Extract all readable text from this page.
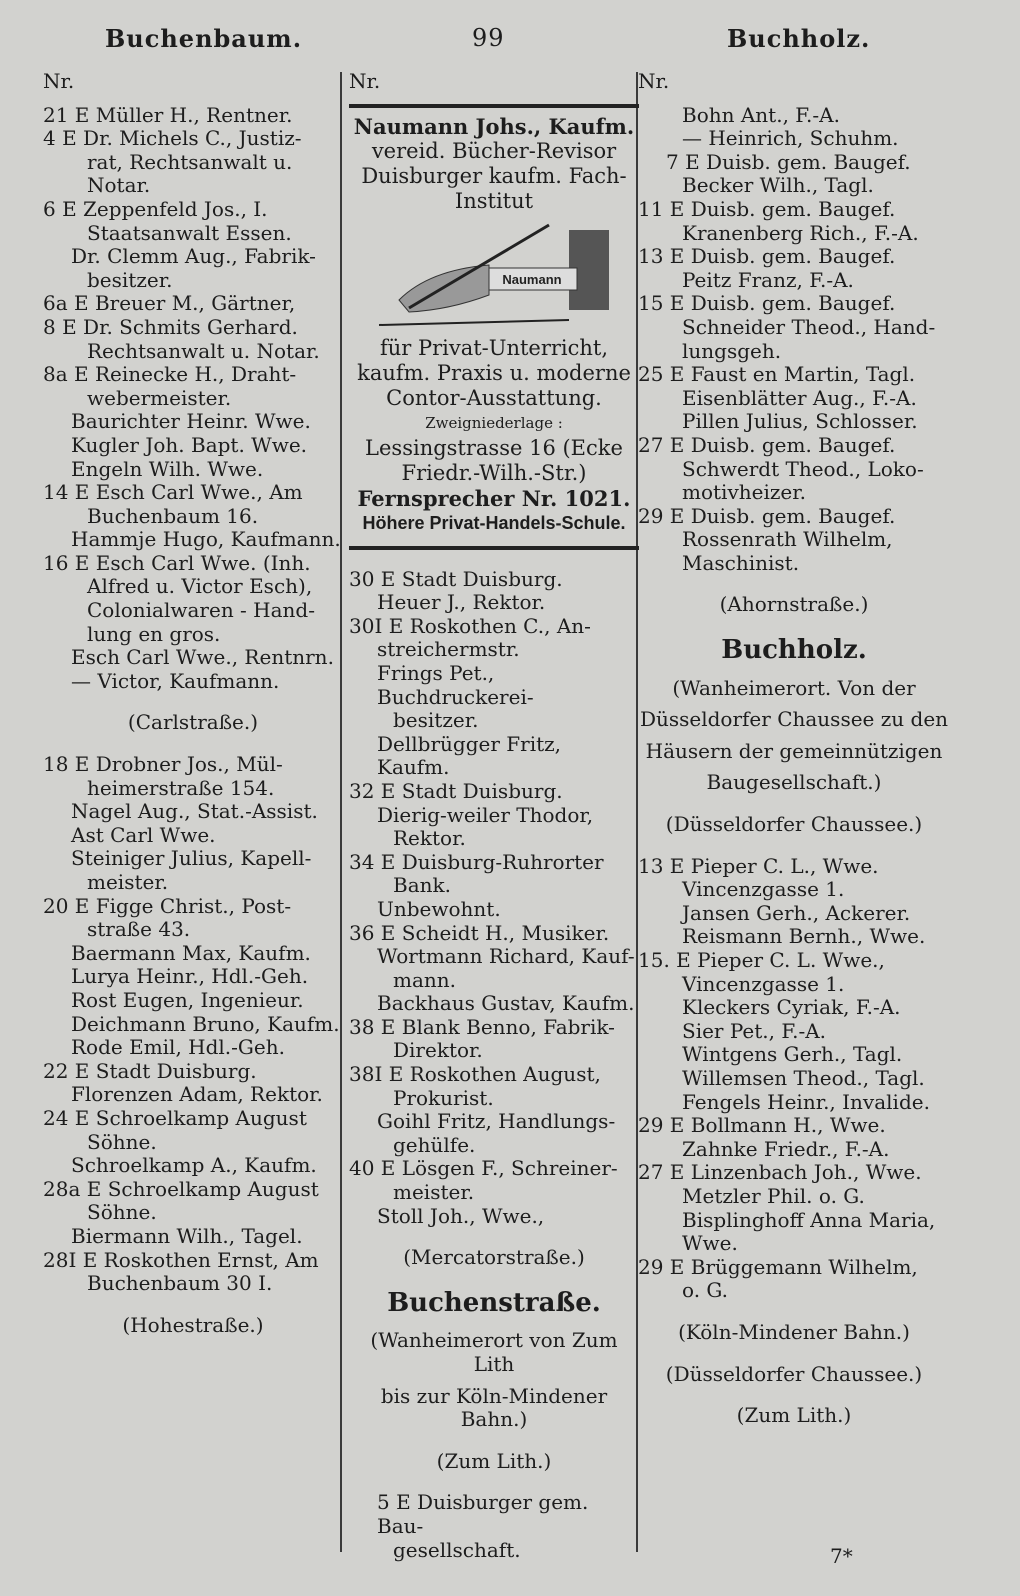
Buchenbaum.	99	Buchholz.
Nr.
21 E Müller H., Rentner.
4 E Dr. Michels C., Justiz-
rat, Rechtsanwalt u.
Notar.
6 E Zeppenfeld Jos., I.
Staatsanwalt Essen.
Dr. Clemm Aug., Fabrik-
besitzer.
6a E Breuer M., Gärtner,
8 E Dr. Schmits Gerhard.
Rechtsanwalt u. Notar.
8a E Reinecke H., Draht-
webermeister.
Baurichter Heinr. Wwe.
Kugler Joh. Bapt. Wwe.
Engeln Wilh. Wwe.
14 E Esch Carl Wwe., Am
Buchenbaum 16.
Hammje Hugo, Kaufmann.
16 E Esch Carl Wwe. (Inh.
Alfred u. Victor Esch),
Colonialwaren - Hand-
lung en gros.
Esch Carl Wwe., Rentnrn.
— Victor, Kaufmann.
(Carlstraße.)
18 E Drobner Jos., Mül-
heimerstraße 154.
Nagel Aug., Stat.-Assist.
Ast Carl Wwe.
Steiniger Julius, Kapell-
meister.
20 E Figge Christ., Post-
straße 43.
Baermann Max, Kaufm.
Lurya Heinr., Hdl.-Geh.
Rost Eugen, Ingenieur.
Deichmann Bruno, Kaufm.
Rode Emil, Hdl.-Geh.
22 E Stadt Duisburg.
Florenzen Adam, Rektor.
24 E Schroelkamp August
Söhne.
Schroelkamp A., Kaufm.
28a E Schroelkamp August
Söhne.
Biermann Wilh., Tagel.
28I E Roskothen Ernst, Am
Buchenbaum 30 I.
(Hohestraße.)
Nr.
Naumann Johs., Kaufm.
vereid. Bücher-Revisor
Duisburger kaufm. Fach-
Institut
Naumann
für Privat-Unterricht,
kaufm. Praxis u. moderne
Contor-Ausstattung.
Zweigniederlage :
Lessingstrasse 16 (Ecke
Friedr.-Wilh.-Str.)
Fernsprecher Nr. 1021.
Höhere Privat-Handels-Schule.
30 E Stadt Duisburg.
Heuer J., Rektor.
30I E Roskothen C., An-
streichermstr.
Frings Pet., Buchdruckerei-
besitzer.
Dellbrügger Fritz, Kaufm.
32 E Stadt Duisburg.
Dierig-weiler Thodor,
Rektor.
34 E Duisburg-Ruhrorter
Bank.
Unbewohnt.
36 E Scheidt H., Musiker.
Wortmann Richard, Kauf-
mann.
Backhaus Gustav, Kaufm.
38 E Blank Benno, Fabrik-
Direktor.
38I E Roskothen August,
Prokurist.
Goihl Fritz, Handlungs-
gehülfe.
40 E Lösgen F., Schreiner-
meister.
Stoll Joh., Wwe.,
(Mercatorstraße.)
Buchenstraße.
(Wanheimerort von Zum Lith
bis zur Köln-Mindener Bahn.)
(Zum Lith.)
5 E Duisburger gem. Bau-
gesellschaft.
Nr.
Bohn Ant., F.-A.
— Heinrich, Schuhm.
7 E Duisb. gem. Baugef.
Becker Wilh., Tagl.
11 E Duisb. gem. Baugef.
Kranenberg Rich., F.-A.
13 E Duisb. gem. Baugef.
Peitz Franz, F.-A.
15 E Duisb. gem. Baugef.
Schneider Theod., Hand-
lungsgeh.
25 E Faust en Martin, Tagl.
Eisenblätter Aug., F.-A.
Pillen Julius, Schlosser.
27 E Duisb. gem. Baugef.
Schwerdt Theod., Loko-
motivheizer.
29 E Duisb. gem. Baugef.
Rossenrath Wilhelm,
Maschinist.
(Ahornstraße.)
Buchholz.
(Wanheimerort. Von der
Düsseldorfer Chaussee zu den
Häusern der gemeinnützigen
Baugesellschaft.)
(Düsseldorfer Chaussee.)
13 E Pieper C. L., Wwe.
Vincenzgasse 1.
Jansen Gerh., Ackerer.
Reismann Bernh., Wwe.
15. E Pieper C. L. Wwe.,
Vincenzgasse 1.
Kleckers Cyriak, F.-A.
Sier Pet., F.-A.
Wintgens Gerh., Tagl.
Willemsen Theod., Tagl.
Fengels Heinr., Invalide.
29 E Bollmann H., Wwe.
Zahnke Friedr., F.-A.
27 E Linzenbach Joh., Wwe.
Metzler Phil. o. G.
Bisplinghoff Anna Maria,
Wwe.
29 E Brüggemann Wilhelm,
o. G.
(Köln-Mindener Bahn.)
(Düsseldorfer Chaussee.)
(Zum Lith.)
7*
